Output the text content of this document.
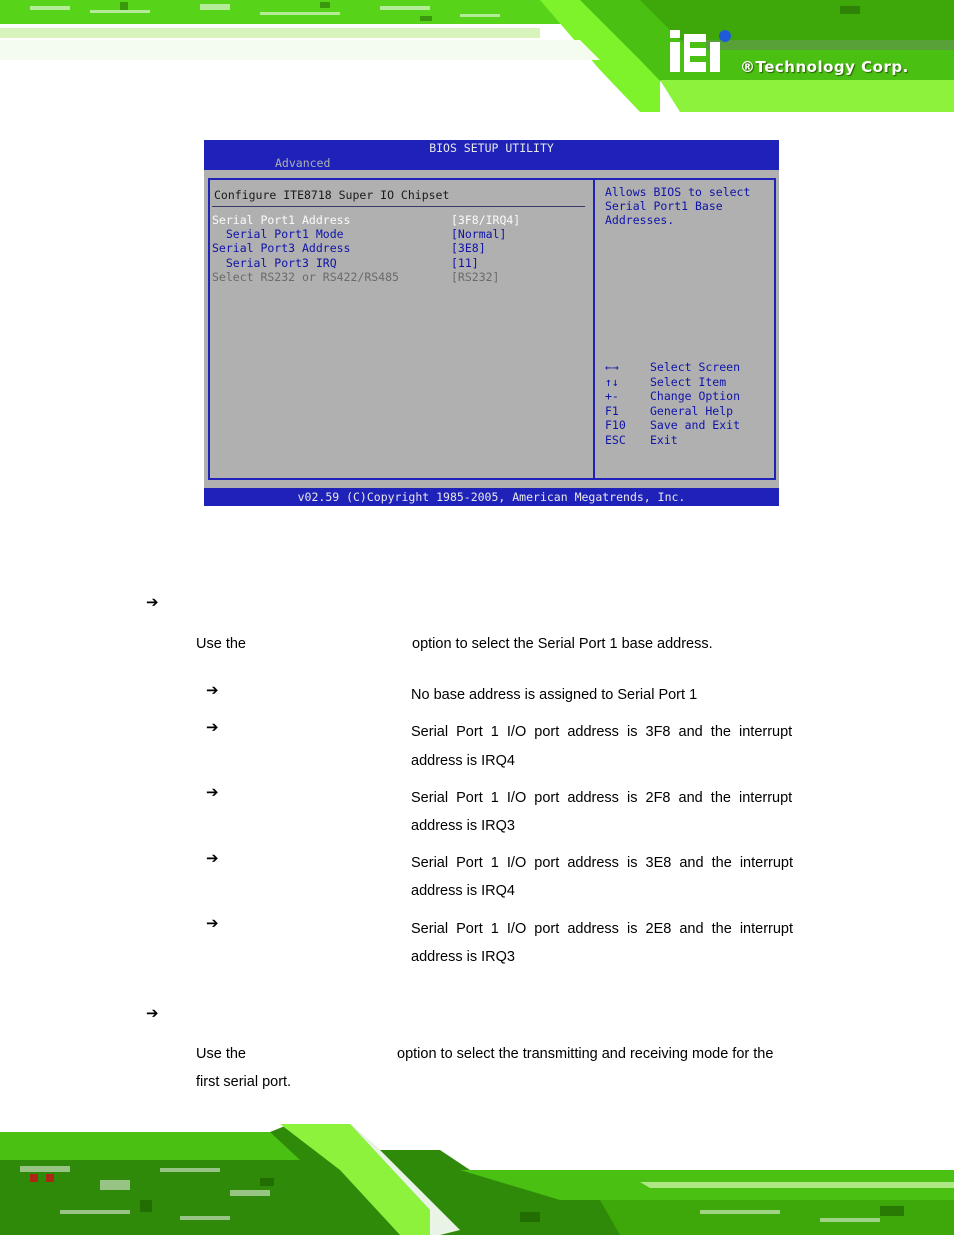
®Technology Corp.
BIOS SETUP UTILITY
Advanced
Configure ITE8718 Super IO Chipset
Serial Port1 Address	[3F8/IRQ4]
Serial Port1 Mode	[Normal]
Serial Port3 Address	[3E8]
Serial Port3 IRQ	[11]
Select RS232 or RS422/RS485	[RS232]
Allows BIOS to select
Serial Port1 Base
Addresses.
←→	Select Screen
↑↓	Select Item
+-	Change Option
F1	General Help
F10 Save and Exit
ESC Exit
v02.59 (C)Copyright 1985-2005, American Megatrends, Inc.
➔
Use the	option to select the Serial Port 1 base address.
➔	No base address is assigned to Serial Port 1
➔	Serial  Port  1  I/O  port  address  is  3F8  and  the  interrupt
address is IRQ4
➔	Serial  Port  1  I/O  port  address  is  2F8  and  the  interrupt
address is IRQ3
➔	Serial  Port  1  I/O  port  address  is  3E8  and  the  interrupt
address is IRQ4
➔	Serial  Port  1  I/O  port  address  is  2E8  and  the  interrupt
address is IRQ3
➔
Use the	option to select the transmitting and receiving mode for the
first serial port.
